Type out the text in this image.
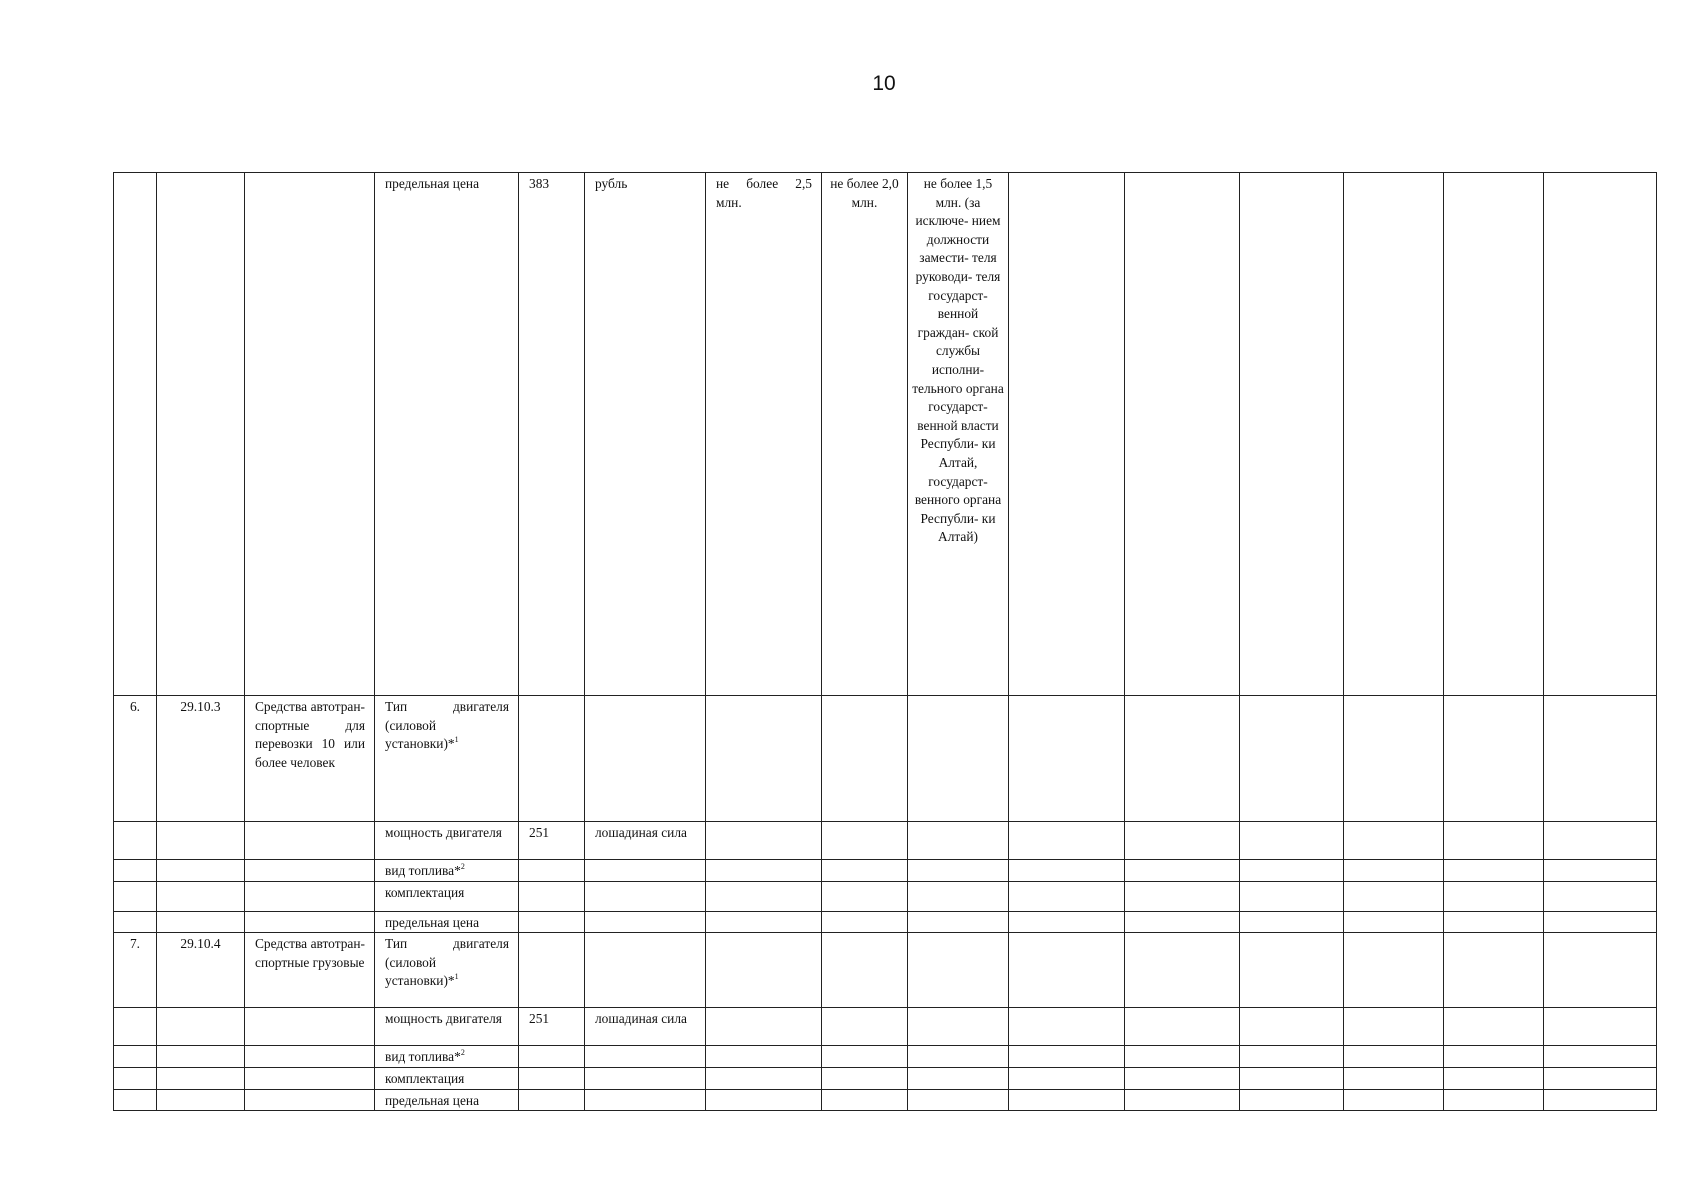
10
			предельная цена	383	рубль	не более 2,5 млн.	не более 2,0 млн.	не более 1,5 млн. (за исключе- нием должности замести- теля руководи- теля государст- венной граждан- ской службы исполни- тельного органа государст- венной власти Республи- ки Алтай, государст- венного органа Республи- ки Алтай)						
6.	29.10.3	Средства автотран-спортные для перевозки 10 или более человек	Тип двигателя (силовой установки)*$^1$											
			мощность двигателя	251	лошадиная сила									
			вид топлива*$^2$											
			комплектация											
			предельная цена											
7.	29.10.4	Средства автотран-спортные грузовые	Тип двигателя (силовой установки)*$^1$											
			мощность двигателя	251	лошадиная сила									
			вид топлива*$^2$											
			комплектация											
			предельная цена											
